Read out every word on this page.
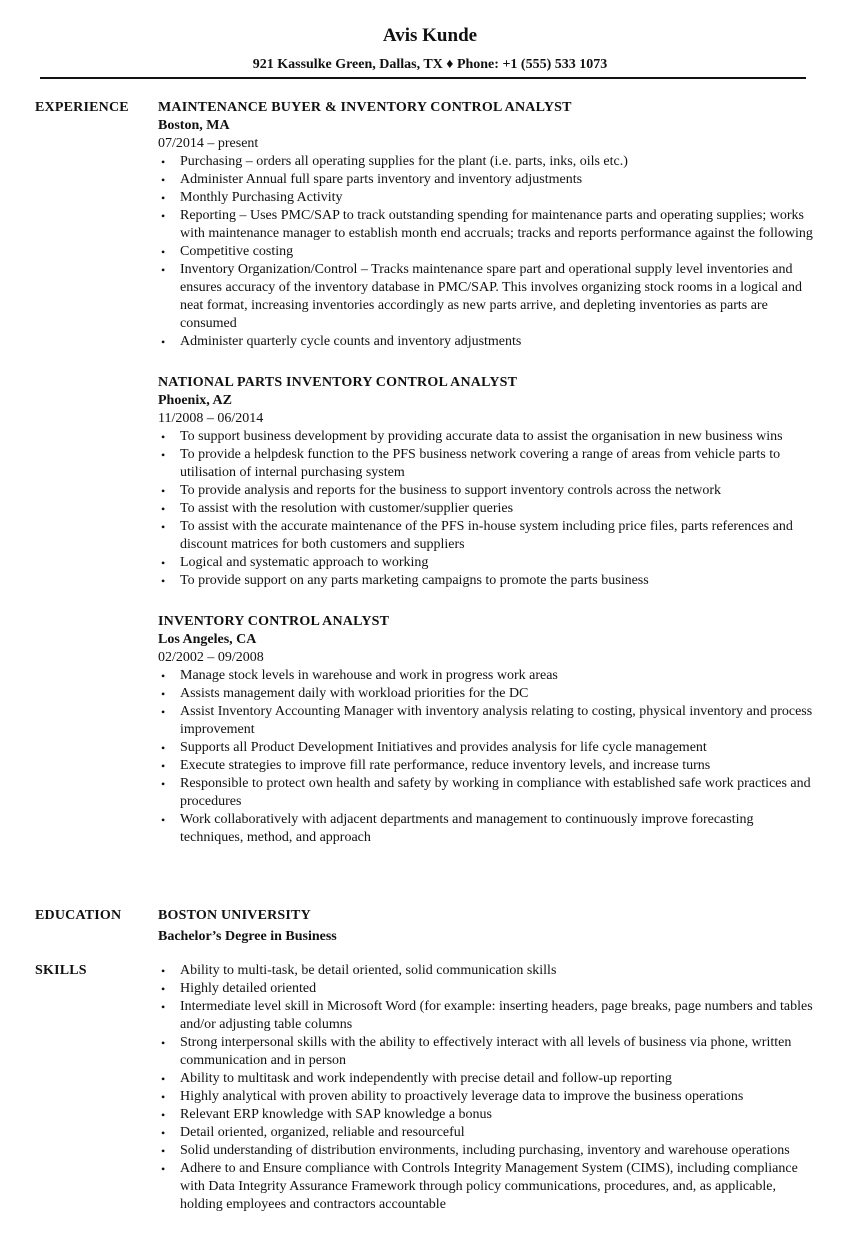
Avis Kunde
921 Kassulke Green, Dallas, TX ♦ Phone: +1 (555) 533 1073
EXPERIENCE MAINTENANCE BUYER & INVENTORY CONTROL ANALYST
Boston, MA
07/2014 – present
• Purchasing – orders all operating supplies for the plant (i.e. parts, inks, oils etc.)
• Administer Annual full spare parts inventory and inventory adjustments
• Monthly Purchasing Activity
• Reporting – Uses PMC/SAP to track outstanding spending for maintenance parts and operating supplies; works with maintenance manager to establish month end accruals; tracks and reports performance against the following
• Competitive costing
• Inventory Organization/Control – Tracks maintenance spare part and operational supply level inventories and ensures accuracy of the inventory database in PMC/SAP. This involves organizing stock rooms in a logical and neat format, increasing inventories accordingly as new parts arrive, and depleting inventories as parts are consumed
• Administer quarterly cycle counts and inventory adjustments
NATIONAL PARTS INVENTORY CONTROL ANALYST
Phoenix, AZ
11/2008 – 06/2014
• To support business development by providing accurate data to assist the organisation in new business wins
• To provide a helpdesk function to the PFS business network covering a range of areas from vehicle parts to utilisation of internal purchasing system
• To provide analysis and reports for the business to support inventory controls across the network
• To assist with the resolution with customer/supplier queries
• To assist with the accurate maintenance of the PFS in-house system including price files, parts references and discount matrices for both customers and suppliers
• Logical and systematic approach to working
• To provide support on any parts marketing campaigns to promote the parts business
INVENTORY CONTROL ANALYST
Los Angeles, CA
02/2002 – 09/2008
• Manage stock levels in warehouse and work in progress work areas
• Assists management daily with workload priorities for the DC
• Assist Inventory Accounting Manager with inventory analysis relating to costing, physical inventory and process improvement
• Supports all Product Development Initiatives and provides analysis for life cycle management
• Execute strategies to improve fill rate performance, reduce inventory levels, and increase turns
• Responsible to protect own health and safety by working in compliance with established safe work practices and procedures
• Work collaboratively with adjacent departments and management to continuously improve forecasting techniques, method, and approach
EDUCATION	BOSTON UNIVERSITY
Bachelor’s Degree in Business
SKILLS
•	Ability to multi-task, be detail oriented, solid communication skills
• Highly detailed oriented
• Intermediate level skill in Microsoft Word (for example: inserting headers, page breaks, page numbers and tables and/or adjusting table columns
• Strong interpersonal skills with the ability to effectively interact with all levels of business via phone, written communication and in person
• Ability to multitask and work independently with precise detail and follow-up reporting
• Highly analytical with proven ability to proactively leverage data to improve the business operations
• Relevant ERP knowledge with SAP knowledge a bonus
• Detail oriented, organized, reliable and resourceful
• Solid understanding of distribution environments, including purchasing, inventory and warehouse operations
• Adhere to and Ensure compliance with Controls Integrity Management System (CIMS), including compliance with Data Integrity Assurance Framework through policy communications, procedures, and, as applicable, holding employees and contractors accountable
